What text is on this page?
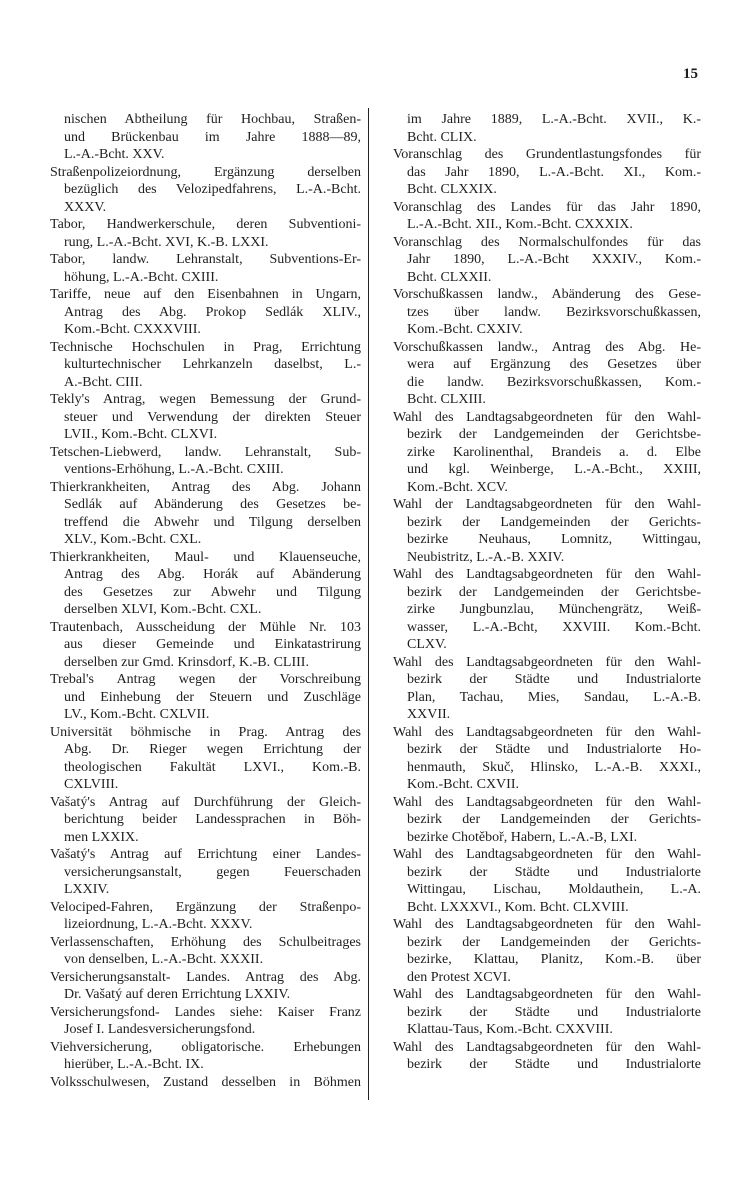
15
nischen Abtheilung für Hochbau, Straßen-
und Brückenbau im Jahre 1888—89,
L.-A.-Bcht. XXV.
Straßenpolizeiordnung, Ergänzung derselben
bezüglich des Velozipedfahrens, L.-A.-Bcht.
XXXV.
Tabor, Handwerkerschule, deren Subventioni-
rung, L.-A.-Bcht. XVI, K.-B. LXXI.
Tabor, landw. Lehranstalt, Subventions-Er-
höhung, L.-A.-Bcht. CXIII.
Tariffe, neue auf den Eisenbahnen in Ungarn,
Antrag des Abg. Prokop Sedlák XLIV.,
Kom.-Bcht. CXXXVIII.
Technische Hochschulen in Prag, Errichtung
kulturtechnischer Lehrkanzeln daselbst, L.-
A.-Bcht. CIII.
Tekly's Antrag, wegen Bemessung der Grund-
steuer und Verwendung der direkten Steuer
LVII., Kom.-Bcht. CLXVI.
Tetschen-Liebwerd, landw. Lehranstalt, Sub-
ventions-Erhöhung, L.-A.-Bcht. CXIII.
Thierkrankheiten, Antrag des Abg. Johann
Sedlák auf Abänderung des Gesetzes be-
treffend die Abwehr und Tilgung derselben
XLV., Kom.-Bcht. CXL.
Thierkrankheiten, Maul- und Klauenseuche,
Antrag des Abg. Horák auf Abänderung
des Gesetzes zur Abwehr und Tilgung
derselben XLVI, Kom.-Bcht. CXL.
Trautenbach, Ausscheidung der Mühle Nr. 103
aus dieser Gemeinde und Einkatastrirung
derselben zur Gmd. Krinsdorf, K.-B. CLIII.
Trebal's Antrag wegen der Vorschreibung
und Einhebung der Steuern und Zuschläge
LV., Kom.-Bcht. CXLVII.
Universität böhmische in Prag. Antrag des
Abg. Dr. Rieger wegen Errichtung der
theologischen Fakultät LXVI., Kom.-B.
CXLVIII.
Vašatý's Antrag auf Durchführung der Gleich-
berichtung beider Landessprachen in Böh-
men LXXIX.
Vašatý's Antrag auf Errichtung einer Landes-
versicherungsanstalt, gegen Feuerschaden
LXXIV.
Velociped-Fahren, Ergänzung der Straßenpo-
lizeiordnung, L.-A.-Bcht. XXXV.
Verlassenschaften, Erhöhung des Schulbeitrages
von denselben, L.-A.-Bcht. XXXII.
Versicherungsanstalt- Landes. Antrag des Abg.
Dr. Vašatý auf deren Errichtung LXXIV.
Versicherungsfond- Landes siehe: Kaiser Franz
Josef I. Landesversicherungsfond.
Viehversicherung, obligatorische. Erhebungen
hierüber, L.-A.-Bcht. IX.
Volksschulwesen, Zustand desselben in Böhmen
im Jahre 1889, L.-A.-Bcht. XVII., K.-
Bcht. CLIX.
Voranschlag des Grundentlastungsfondes für
das Jahr 1890, L.-A.-Bcht. XI., Kom.-
Bcht. CLXXIX.
Voranschlag des Landes für das Jahr 1890,
L.-A.-Bcht. XII., Kom.-Bcht. CXXXIX.
Voranschlag des Normalschulfondes für das
Jahr 1890, L.-A.-Bcht XXXIV., Kom.-
Bcht. CLXXII.
Vorschußkassen landw., Abänderung des Gese-
tzes über landw. Bezirksvorschußkassen,
Kom.-Bcht. CXXIV.
Vorschußkassen landw., Antrag des Abg. He-
wera auf Ergänzung des Gesetzes über
die landw. Bezirksvorschußkassen, Kom.-
Bcht. CLXIII.
Wahl des Landtagsabgeordneten für den Wahl-
bezirk der Landgemeinden der Gerichtsbe-
zirke Karolinenthal, Brandeis a. d. Elbe
und kgl. Weinberge, L.-A.-Bcht., XXIII,
Kom.-Bcht. XCV.
Wahl der Landtagsabgeordneten für den Wahl-
bezirk der Landgemeinden der Gerichts-
bezirke Neuhaus, Lomnitz, Wittingau,
Neubistritz, L.-A.-B. XXIV.
Wahl des Landtagsabgeordneten für den Wahl-
bezirk der Landgemeinden der Gerichtsbe-
zirke Jungbunzlau, Münchengrätz, Weiß-
wasser, L.-A.-Bcht, XXVIII. Kom.-Bcht.
CLXV.
Wahl des Landtagsabgeordneten für den Wahl-
bezirk der Städte und Industrialorte
Plan, Tachau, Mies, Sandau, L.-A.-B.
XXVII.
Wahl des Landtagsabgeordneten für den Wahl-
bezirk der Städte und Industrialorte Ho-
henmauth, Skuč, Hlinsko, L.-A.-B. XXXI.,
Kom.-Bcht. CXVII.
Wahl des Landtagsabgeordneten für den Wahl-
bezirk der Landgemeinden der Gerichts-
bezirke Chotěboř, Habern, L.-A.-B, LXI.
Wahl des Landtagsabgeordneten für den Wahl-
bezirk der Städte und Industrialorte
Wittingau, Lischau, Moldauthein, L.-A.
Bcht. LXXXVI., Kom. Bcht. CLXVIII.
Wahl des Landtagsabgeordneten für den Wahl-
bezirk der Landgemeinden der Gerichts-
bezirke, Klattau, Planitz, Kom.-B. über
den Protest XCVI.
Wahl des Landtagsabgeordneten für den Wahl-
bezirk der Städte und Industrialorte
Klattau-Taus, Kom.-Bcht. CXXVIII.
Wahl des Landtagsabgeordneten für den Wahl-
bezirk der Städte und Industrialorte
